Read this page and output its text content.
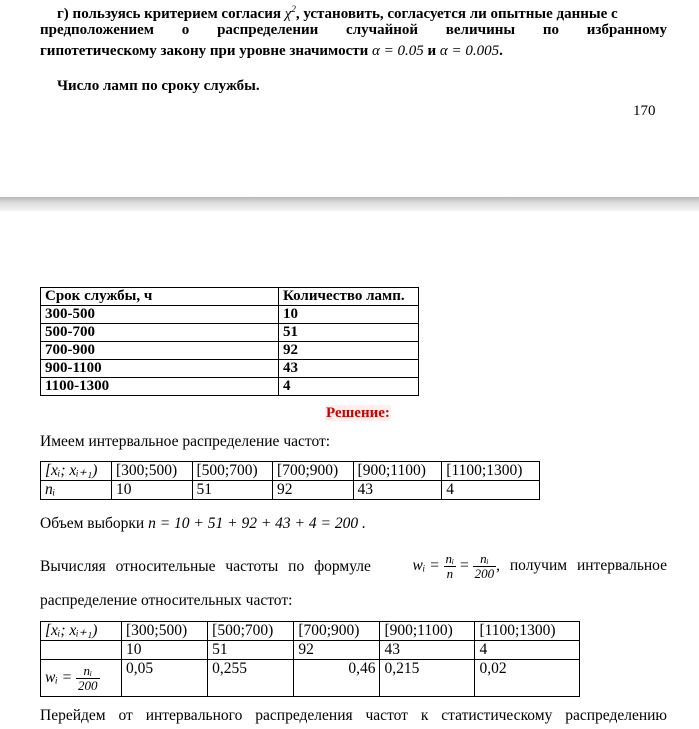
г) пользуясь критерием согласия $\chi^2$, установить, согласуется ли опытные данные с
предположением о распределении случайной величины по избранному
гипотетическому закону при уровне значимости α = 0.05 и α = 0.005.
Число ламп по сроку службы.
170
Срок службы, ч	Количество ламп.
300-500	10
500-700	51
700-900	92
900-1100	43
1100-1300	4
Решение:
Имеем интервальное распределение частот:
[xᵢ; xᵢ₊₁)	[300;500)	[500;700)	[700;900)	[900;1100)	[1100;1300)
nᵢ	10	51	92	43	4
Объем выборки n = 10 + 51 + 92 + 43 + 4 = 200 .
Вычисляя относительные частоты по формуле	wᵢ = $\frac{\text{nᵢ}}{n} = \frac{\text{nᵢ}}{200}$ , получим интервальное
распределение относительных частот:
[xᵢ; xᵢ₊₁)	[300;500)	[500;700)	[700;900)	[900;1100)	[1100;1300)
	10	51	92	43	4
wᵢ = $\frac{\text{nᵢ}}{200}$	0,05	0,255	0,46	0,215	0,02
Перейдем от интервального распределения частот к статистическому распределению
